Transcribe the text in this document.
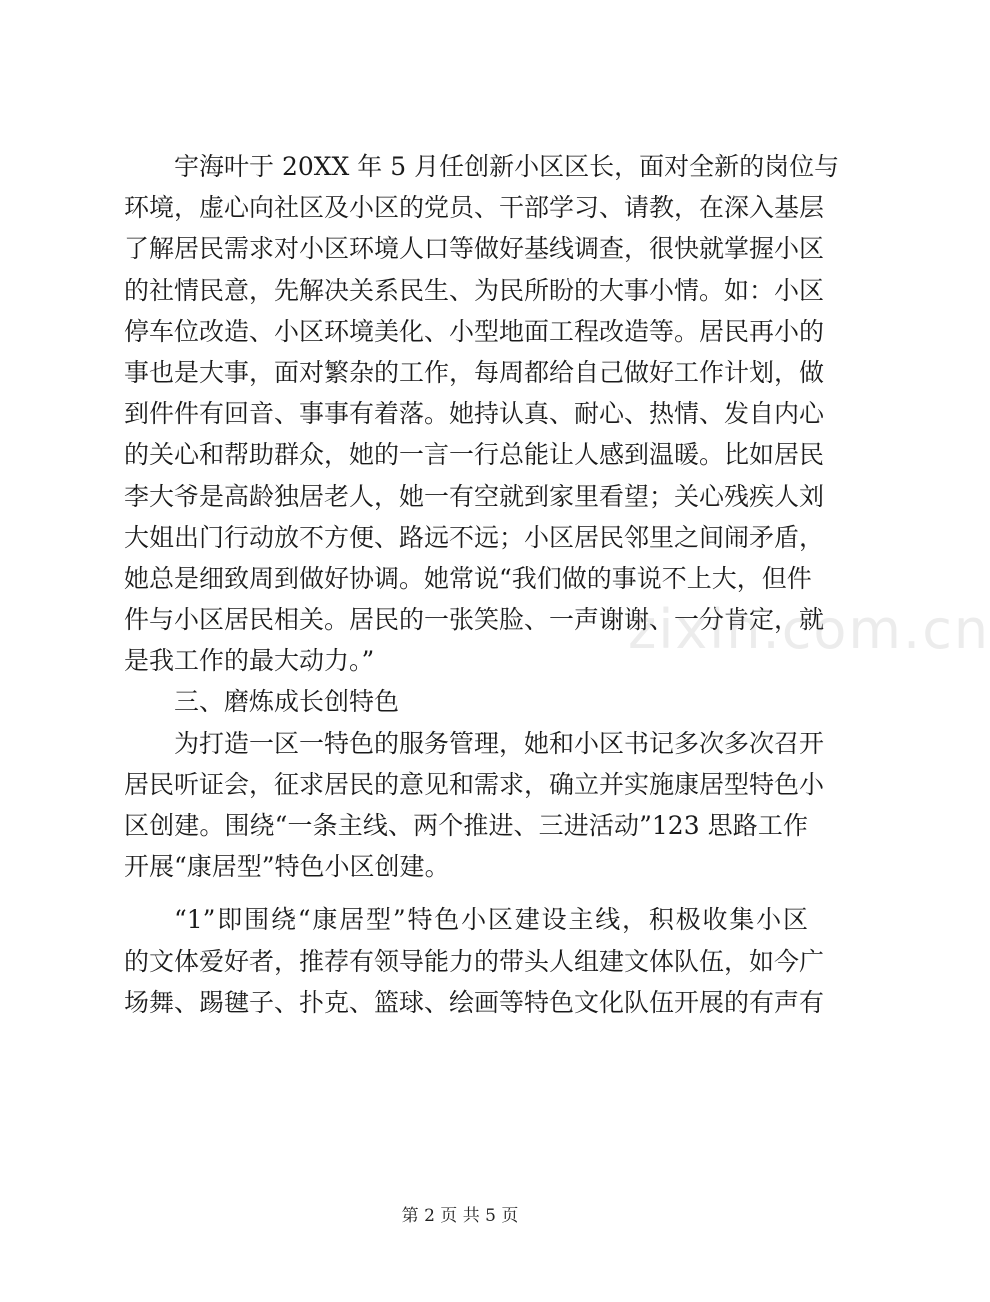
宇海叶于 20XX 年 5 月任创新小区区长，面对全新的岗位与
环境，虚心向社区及小区的党员、干部学习、请教，在深入基层
了解居民需求对小区环境人口等做好基线调查，很快就掌握小区
的社情民意，先解决关系民生、为民所盼的大事小情。如：小区
停车位改造、小区环境美化、小型地面工程改造等。居民再小的
事也是大事，面对繁杂的工作，每周都给自己做好工作计划，做
到件件有回音、事事有着落。她持认真、耐心、热情、发自内心
的关心和帮助群众，她的一言一行总能让人感到温暖。比如居民
李大爷是高龄独居老人，她一有空就到家里看望；关心残疾人刘
大姐出门行动放不方便、路远不远；小区居民邻里之间闹矛盾，
她总是细致周到做好协调。她常说“我们做的事说不上大，但件
件与小区居民相关。居民的一张笑脸、一声谢谢、一分肯定，就
是我工作的最大动力。”
三、磨炼成长创特色
为打造一区一特色的服务管理，她和小区书记多次多次召开
居民听证会，征求居民的意见和需求，确立并实施康居型特色小
区创建。围绕“一条主线、两个推进、三进活动”123 思路工作
开展“康居型”特色小区创建。
“1”即围绕“康居型”特色小区建设主线，积极收集小区
的文体爱好者，推荐有领导能力的带头人组建文体队伍，如今广
场舞、踢毽子、扑克、篮球、绘画等特色文化队伍开展的有声有
zixin.com.cn
第 2 页 共 5 页
